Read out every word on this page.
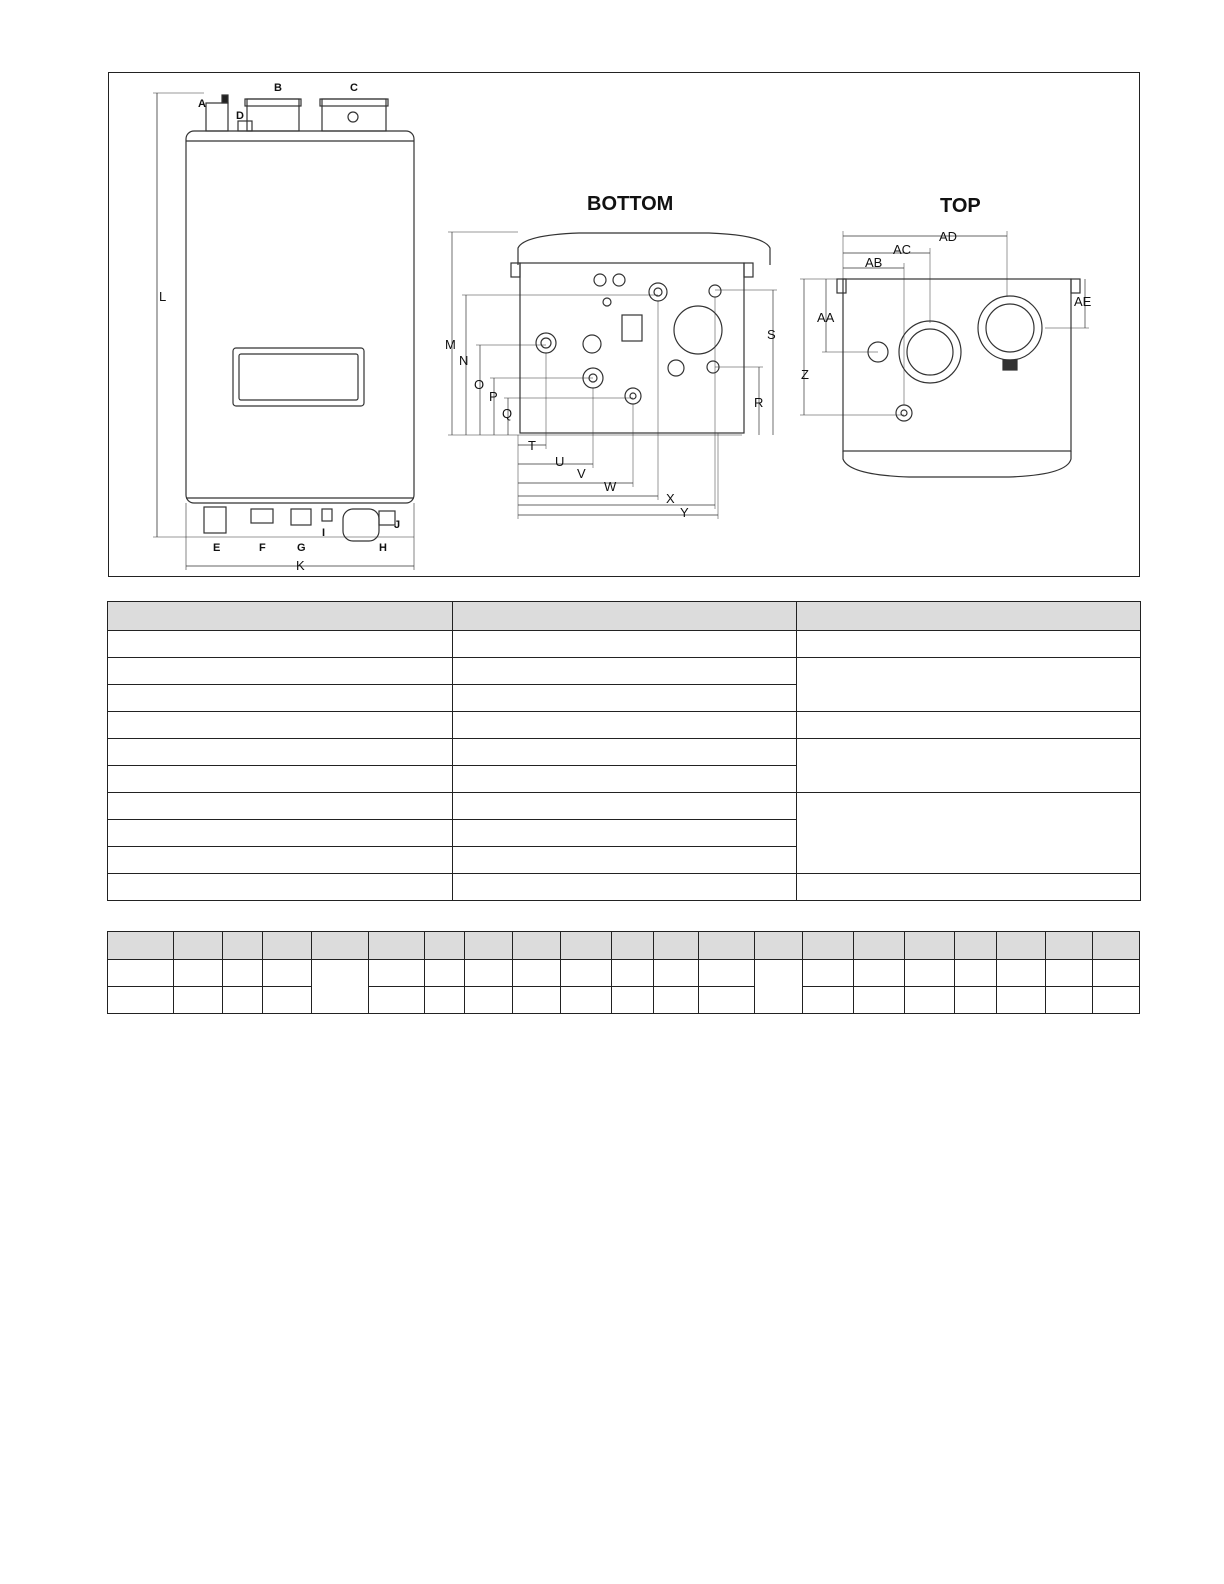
A
B	C
D
E	F	G	H
I
J
K
L
M
N
O
P
Q
R
S
T
U
V
W
X
Y
Z
AA
AB
AC
AD
AE
BOTTOM	TOP
